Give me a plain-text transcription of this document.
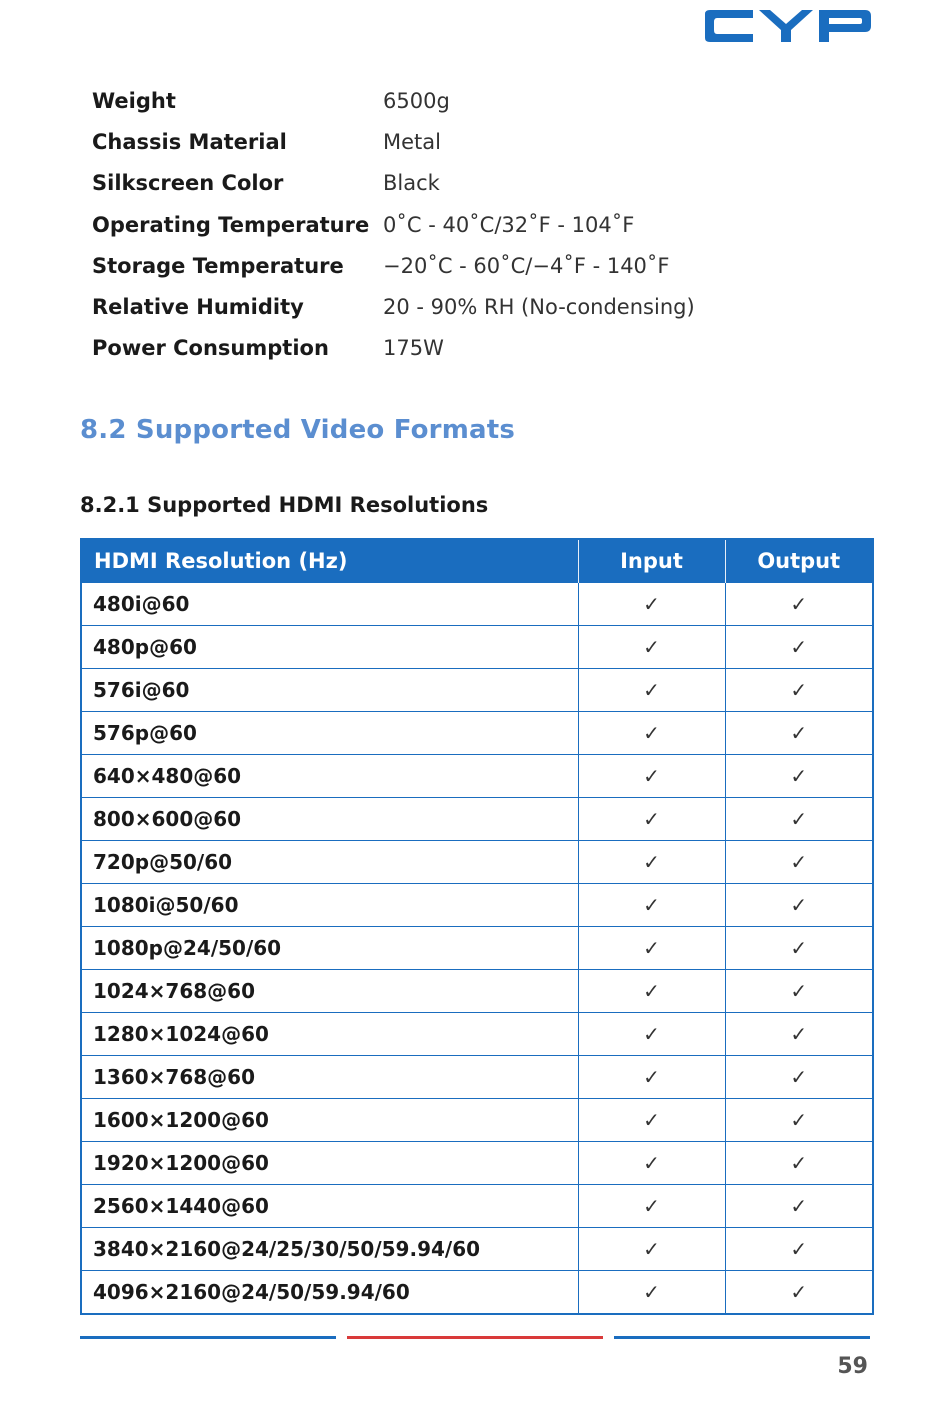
Weight	6500g
Chassis Material	Metal
Silkscreen Color	Black
Operating Temperature 0˚C - 40˚C/32˚F - 104˚F
Storage Temperature	−20˚C - 60˚C/−4˚F - 140˚F
Relative Humidity	20 - 90% RH (No-condensing)
Power Consumption	175W
8.2 Supported Video Formats
8.2.1 Supported HDMI Resolutions
HDMI Resolution (Hz)	Input	Output
480i@60	✓	✓
480p@60	✓	✓
576i@60	✓	✓
576p@60	✓	✓
640×480@60	✓	✓
800×600@60	✓	✓
720p@50/60	✓	✓
1080i@50/60	✓	✓
1080p@24/50/60	✓	✓
1024×768@60	✓	✓
1280×1024@60	✓	✓
1360×768@60	✓	✓
1600×1200@60	✓	✓
1920×1200@60	✓	✓
2560×1440@60	✓	✓
3840×2160@24/25/30/50/59.94/60	✓	✓
4096×2160@24/50/59.94/60	✓	✓
59
